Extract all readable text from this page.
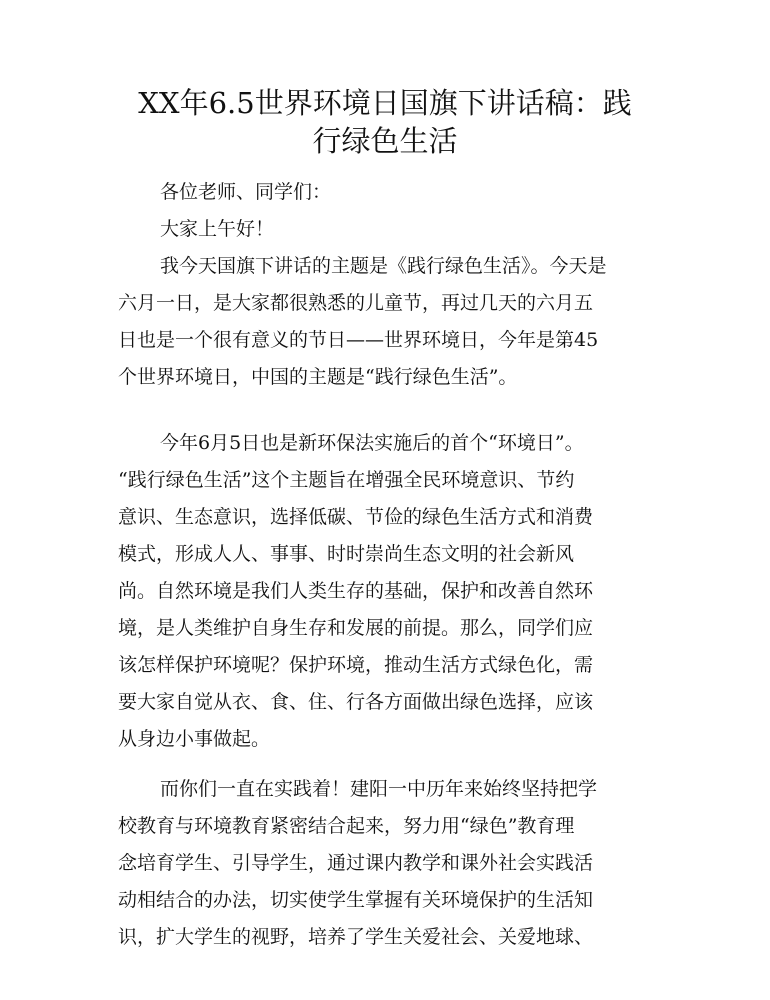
XX年6.5世界环境日国旗下讲话稿：践
行绿色生活

各位老师、同学们：

大家上午好！

我今天国旗下讲话的主题是《践行绿色生活》。今天是

六月一日，是大家都很熟悉的儿童节，再过几天的六月五

日也是一个很有意义的节日——世界环境日，今年是第45

个世界环境日，中国的主题是“践行绿色生活”。

今年6月5日也是新环保法实施后的首个“环境日”。

“践行绿色生活”这个主题旨在增强全民环境意识、节约

意识、生态意识，选择低碳、节俭的绿色生活方式和消费

模式，形成人人、事事、时时崇尚生态文明的社会新风

尚。自然环境是我们人类生存的基础，保护和改善自然环

境，是人类维护自身生存和发展的前提。那么，同学们应

该怎样保护环境呢？保护环境，推动生活方式绿色化，需

要大家自觉从衣、食、住、行各方面做出绿色选择，应该

从身边小事做起。

而你们一直在实践着！建阳一中历年来始终坚持把学

校教育与环境教育紧密结合起来，努力用“绿色”教育理

念培育学生、引导学生，通过课内教学和课外社会实践活

动相结合的办法，切实使学生掌握有关环境保护的生活知

识，扩大学生的视野，培养了学生关爱社会、关爱地球、
